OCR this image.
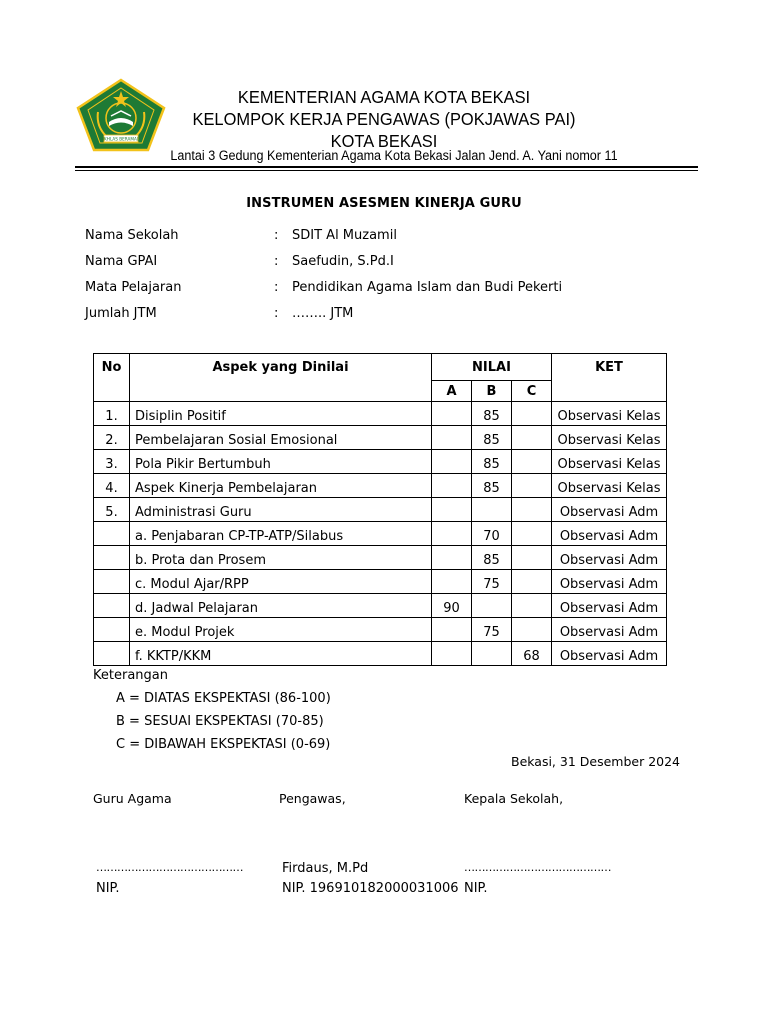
IKHLAS BERAMAL
KEMENTERIAN AGAMA KOTA BEKASI
KELOMPOK KERJA PENGAWAS (POKJAWAS PAI)
KOTA BEKASI
Lantai 3 Gedung Kementerian Agama Kota Bekasi Jalan Jend. A. Yani nomor 11
INSTRUMEN ASESMEN KINERJA GURU
Nama Sekolah	: SDIT Al Muzamil
Nama GPAI	: Saefudin, S.Pd.I
Mata Pelajaran	: Pendidikan Agama Islam dan Budi Pekerti
Jumlah JTM	: …….. JTM
No	Aspek yang Dinilai	NILAI			KET
		A	B	C	
1.	Disiplin Positif		85		Observasi Kelas
2.	Pembelajaran Sosial Emosional		85		Observasi Kelas
3.	Pola Pikir Bertumbuh		85		Observasi Kelas
4.	Aspek Kinerja Pembelajaran		85		Observasi Kelas
5.	Administrasi Guru				Observasi Adm
	a. Penjabaran CP-TP-ATP/Silabus		70		Observasi Adm
	b. Prota dan Prosem		85		Observasi Adm
	c. Modul Ajar/RPP		75		Observasi Adm
	d. Jadwal Pelajaran	90			Observasi Adm
	e. Modul Projek		75		Observasi Adm
	f. KKTP/KKM			68	Observasi Adm
Keterangan
A = DIATAS EKSPEKTASI (86-100)
B = SESUAI EKSPEKTASI (70-85)
C = DIBAWAH EKSPEKTASI (0-69)
Bekasi, 31 Desember 2024
Guru Agama	Pengawas,	Kepala Sekolah,
……………………………………	Firdaus, M.Pd	……………………………………
NIP.	NIP. 196910182000031006 NIP.
